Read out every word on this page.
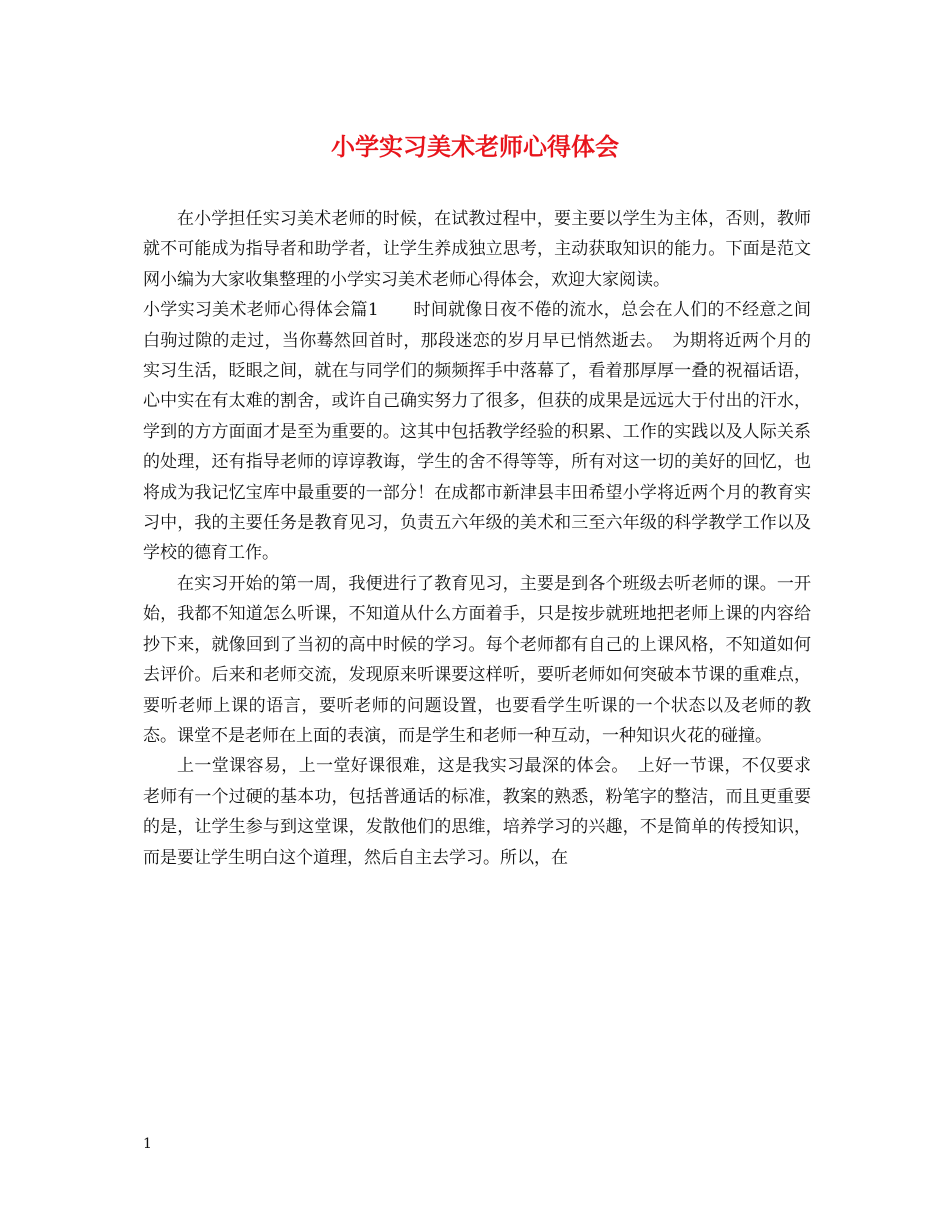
小学实习美术老师心得体会

在小学担任实习美术老师的时候，在试教过程中，要主要以学生为主体，否则，教师就不可能成为指导者和助学者，让学生养成独立思考，主动获取知识的能力。下面是范文网小编为大家收集整理的小学实习美术老师心得体会，欢迎大家阅读。

小学实习美术老师心得体会篇1　　时间就像日夜不倦的流水，总会在人们的不经意之间白驹过隙的走过，当你蓦然回首时，那段迷恋的岁月早已悄然逝去。　为期将近两个月的实习生活，眨眼之间，就在与同学们的频频挥手中落幕了，看着那厚厚一叠的祝福话语，心中实在有太难的割舍，或许自己确实努力了很多，但获的成果是远远大于付出的汗水，学到的方方面面才是至为重要的。这其中包括教学经验的积累、工作的实践以及人际关系的处理，还有指导老师的谆谆教诲，学生的舍不得等等，所有对这一切的美好的回忆，也将成为我记忆宝库中最重要的一部分！在成都市新津县丰田希望小学将近两个月的教育实习中，我的主要任务是教育见习，负责五六年级的美术和三至六年级的科学教学工作以及学校的德育工作。

在实习开始的第一周，我便进行了教育见习，主要是到各个班级去听老师的课。一开始，我都不知道怎么听课，不知道从什么方面着手，只是按步就班地把老师上课的内容给抄下来，就像回到了当初的高中时候的学习。每个老师都有自己的上课风格，不知道如何去评价。后来和老师交流，发现原来听课要这样听，要听老师如何突破本节课的重难点，要听老师上课的语言，要听老师的问题设置，也要看学生听课的一个状态以及老师的教态。课堂不是老师在上面的表演，而是学生和老师一种互动，一种知识火花的碰撞。

上一堂课容易，上一堂好课很难，这是我实习最深的体会。　上好一节课，不仅要求老师有一个过硬的基本功，包括普通话的标准，教案的熟悉，粉笔字的整洁，而且更重要的是，让学生参与到这堂课，发散他们的思维，培养学习的兴趣，不是简单的传授知识，而是要让学生明白这个道理，然后自主去学习。所以，在

1
